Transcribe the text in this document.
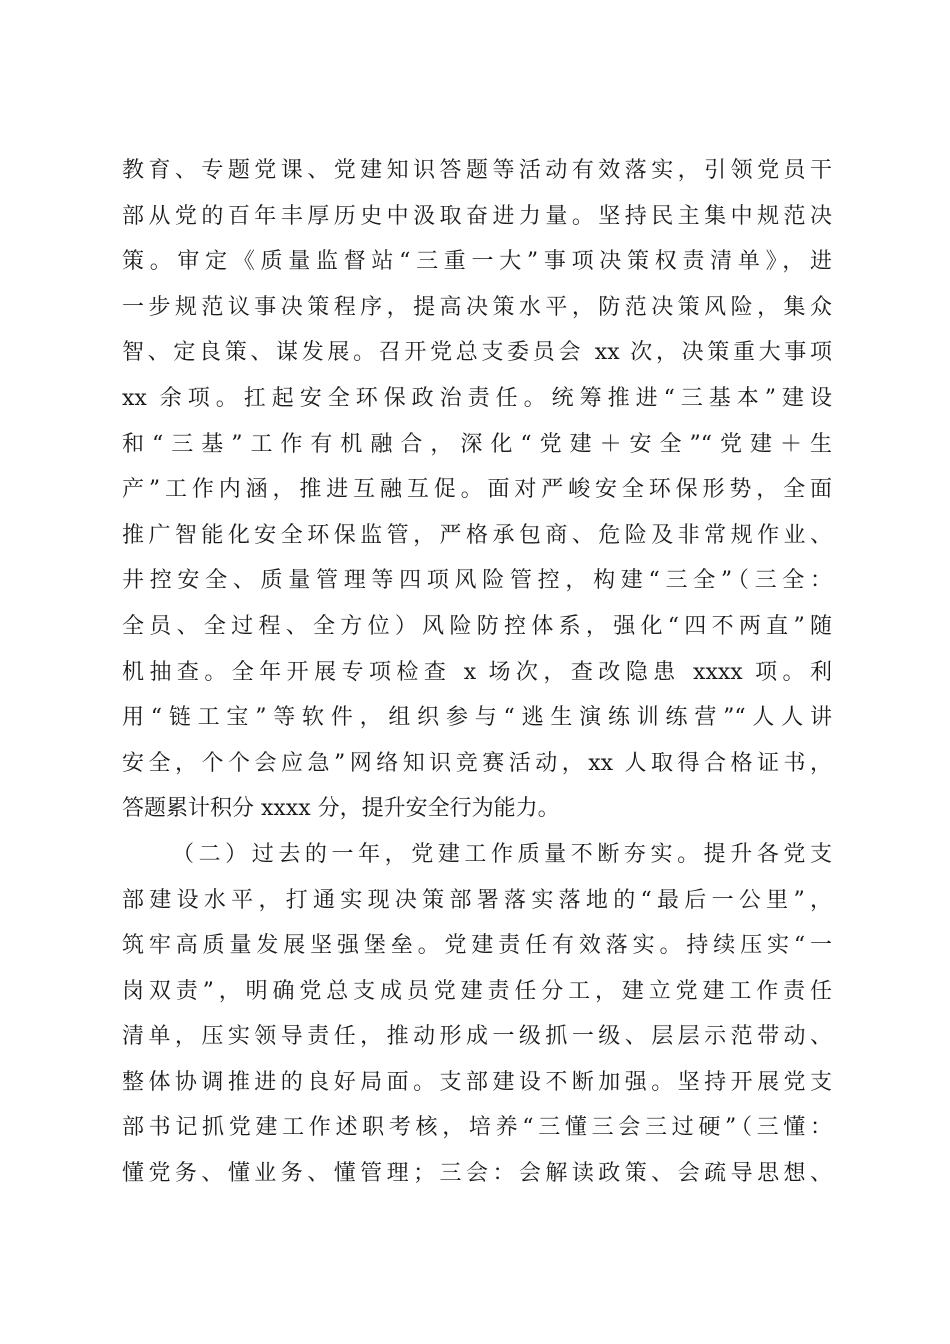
教育、专题党课、党建知识答题等活动有效落实，引领党员干
部从党的百年丰厚历史中汲取奋进力量。坚持民主集中规范决
策。审定《质量监督站“三重一大”事项决策权责清单》，进
一步规范议事决策程序，提高决策水平，防范决策风险，集众
智、定良策、谋发展。召开党总支委员会 xx 次，决策重大事项
xx 余项。扛起安全环保政治责任。统筹推进“三基本”建设
和“三基”工作有机融合，深化“党建＋安全”“党建＋生
产”工作内涵，推进互融互促。面对严峻安全环保形势，全面
推广智能化安全环保监管，严格承包商、危险及非常规作业、
井控安全、质量管理等四项风险管控，构建“三全”（三全：
全员、全过程、全方位）风险防控体系，强化“四不两直”随
机抽查。全年开展专项检查 x 场次，查改隐患 xxxx 项。利
用“链工宝”等软件，组织参与“逃生演练训练营”“人人讲
安全，个个会应急”网络知识竞赛活动，xx 人取得合格证书，
答题累计积分 xxxx 分，提升安全行为能力。
（二）过去的一年，党建工作质量不断夯实。提升各党支
部建设水平，打通实现决策部署落实落地的“最后一公里”，
筑牢高质量发展坚强堡垒。党建责任有效落实。持续压实“一
岗双责”，明确党总支成员党建责任分工，建立党建工作责任
清单，压实领导责任，推动形成一级抓一级、层层示范带动、
整体协调推进的良好局面。支部建设不断加强。坚持开展党支
部书记抓党建工作述职考核，培养“三懂三会三过硬”（三懂：
懂党务、懂业务、懂管理；三会：会解读政策、会疏导思想、
